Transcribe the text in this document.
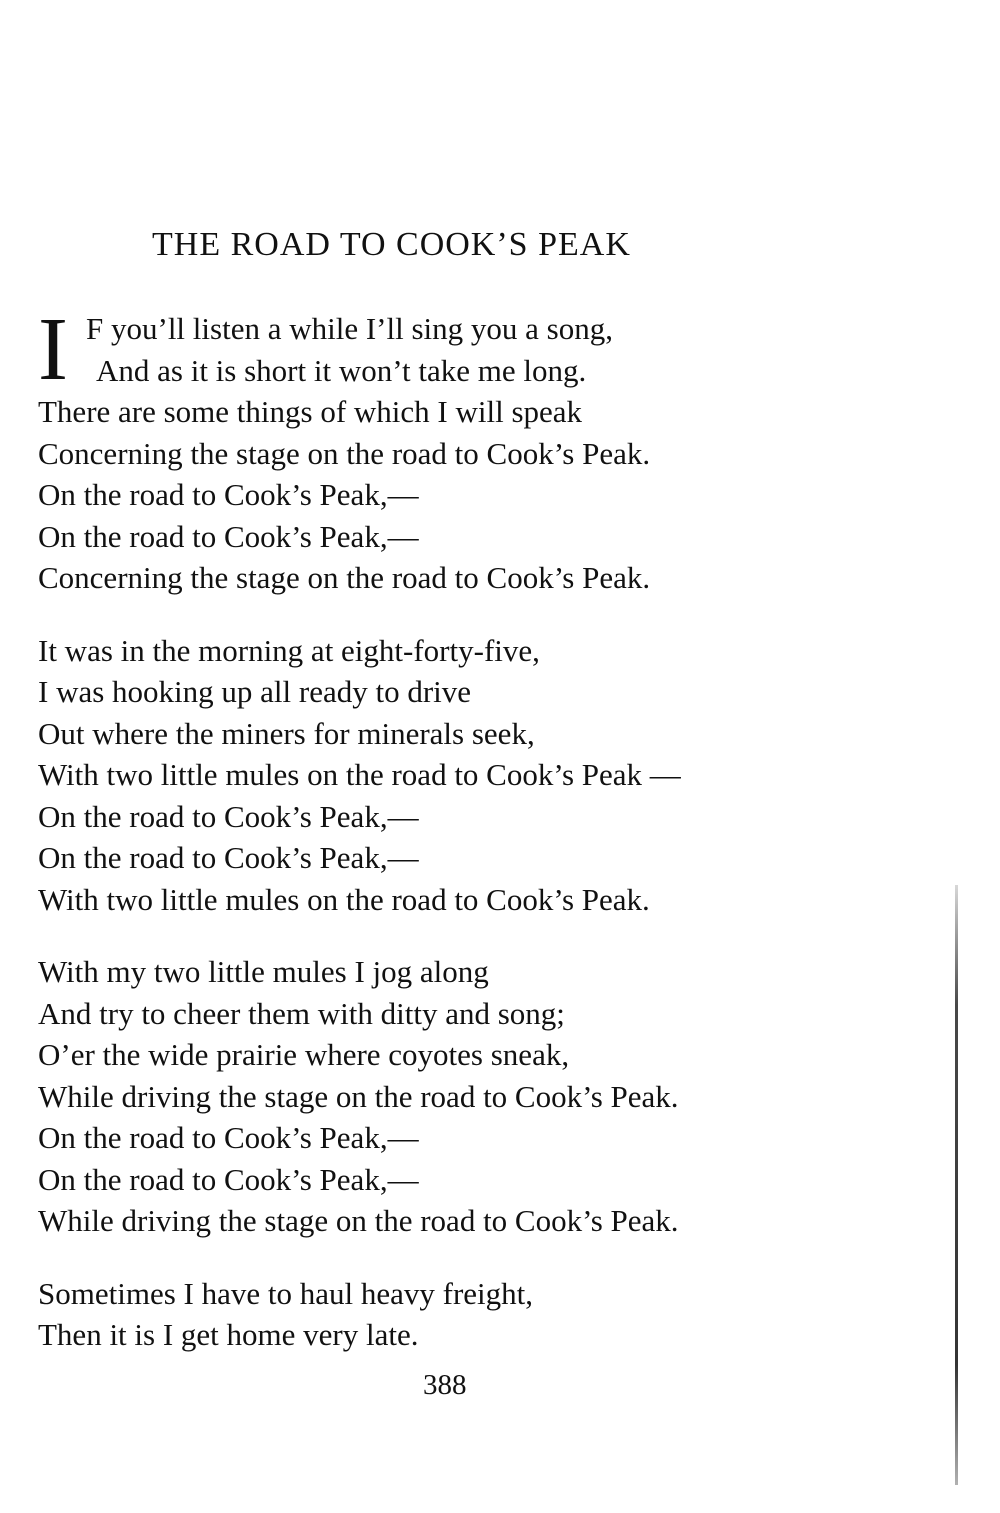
THE ROAD TO COOK’S PEAK
I F you’ll listen a while I’ll sing you a song,
And as it is short it won’t take me long.
There are some things of which I will speak
Concerning the stage on the road to Cook’s Peak.
On the road to Cook’s Peak,—
On the road to Cook’s Peak,—
Concerning the stage on the road to Cook’s Peak.
It was in the morning at eight-forty-five,
I was hooking up all ready to drive
Out where the miners for minerals seek,
With two little mules on the road to Cook’s Peak —
On the road to Cook’s Peak,—
On the road to Cook’s Peak,—
With two little mules on the road to Cook’s Peak.
With my two little mules I jog along
And try to cheer them with ditty and song;
O’er the wide prairie where coyotes sneak,
While driving the stage on the road to Cook’s Peak.
On the road to Cook’s Peak,—
On the road to Cook’s Peak,—
While driving the stage on the road to Cook’s Peak.
Sometimes I have to haul heavy freight,
Then it is I get home very late.
388
